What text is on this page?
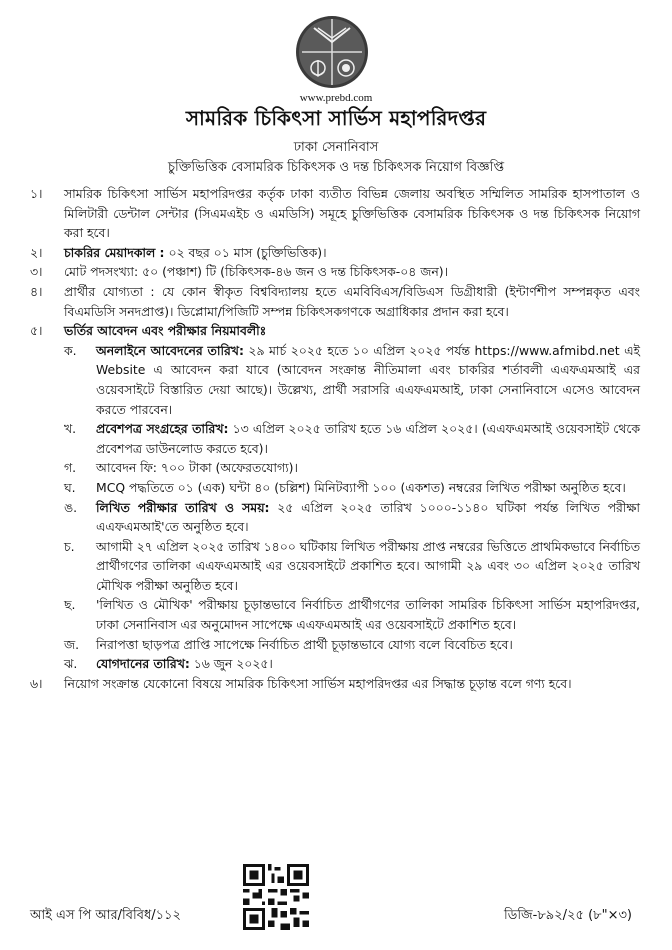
www.prebd.com
সামরিক চিকিৎসা সার্ভিস মহাপরিদপ্তর
ঢাকা সেনানিবাস
চুক্তিভিত্তিক বেসামরিক চিকিৎসক ও দন্ত চিকিৎসক নিয়োগ বিজ্ঞপ্তি
১।	সামরিক চিকিৎসা সার্ভিস মহাপরিদপ্তর কর্তৃক ঢাকা ব্যতীত বিভিন্ন জেলায় অবস্থিত সম্মিলিত সামরিক হাসপাতাল ও মিলিটারী ডেন্টাল সেন্টার (সিএমএইচ ও এমডিসি) সমূহে চুক্তিভিত্তিক বেসামরিক চিকিৎসক ও দন্ত চিকিৎসক নিয়োগ করা হবে।
২।	চাকরির মেয়াদকাল : ০২ বছর ০১ মাস (চুক্তিভিত্তিক)।
৩।	মোট পদসংখ্যা: ৫০ (পঞ্চাশ) টি (চিকিৎসক-৪৬ জন ও দন্ত চিকিৎসক-০৪ জন)।
৪।	প্রার্থীর যোগ্যতা : যে কোন স্বীকৃত বিশ্ববিদ্যালয় হতে এমবিবিএস/বিডিএস ডিগ্রীধারী (ইন্টার্ণশীপ সম্পন্নকৃত এবং বিএমডিসি সনদপ্রাপ্ত)। ডিপ্লোমা/পিজিটি সম্পন্ন চিকিৎসকগণকে অগ্রাধিকার প্রদান করা হবে।
৫।	ভর্তির আবেদন এবং পরীক্ষার নিয়মাবলীঃ
ক.	অনলাইনে আবেদনের তারিখ: ২৯ মার্চ ২০২৫ হতে ১০ এপ্রিল ২০২৫ পর্যন্ত https://www.afmibd.net এই Website এ আবেদন করা যাবে (আবেদন সংক্রান্ত নীতিমালা এবং চাকরির শর্তাবলী এএফএমআই এর ওয়েবসাইটে বিস্তারিত দেয়া আছে)। উল্লেখ্য, প্রার্থী সরাসরি এএফএমআই, ঢাকা সেনানিবাসে এসেও আবেদন করতে পারবেন।
খ.	প্রবেশপত্র সংগ্রহের তারিখ: ১৩ এপ্রিল ২০২৫ তারিখ হতে ১৬ এপ্রিল ২০২৫। (এএফএমআই ওয়েবসাইট থেকে প্রবেশপত্র ডাউনলোড করতে হবে)।
গ.	আবেদন ফি: ৭০০ টাকা (অফেরতযোগ্য)।
ঘ.	MCQ পদ্ধতিতে ০১ (এক) ঘন্টা ৪০ (চল্লিশ) মিনিটব্যাপী ১০০ (একশত) নম্বরের লিখিত পরীক্ষা অনুষ্ঠিত হবে।
ঙ.	লিখিত পরীক্ষার তারিখ ও সময়: ২৫ এপ্রিল ২০২৫ তারিখ ১০০০-১১৪০ ঘটিকা পর্যন্ত লিখিত পরীক্ষা এএফএমআই'তে অনুষ্ঠিত হবে।
চ.	আগামী ২৭ এপ্রিল ২০২৫ তারিখ ১৪০০ ঘটিকায় লিখিত পরীক্ষায় প্রাপ্ত নম্বরের ভিত্তিতে প্রাথমিকভাবে নির্বাচিত প্রার্থীগণের তালিকা এএফএমআই এর ওয়েবসাইটে প্রকাশিত হবে। আগামী ২৯ এবং ৩০ এপ্রিল ২০২৫ তারিখ মৌখিক পরীক্ষা অনুষ্ঠিত হবে।
ছ.	'লিখিত ও মৌখিক' পরীক্ষায় চূড়ান্তভাবে নির্বাচিত প্রার্থীগণের তালিকা সামরিক চিকিৎসা সার্ভিস মহাপরিদপ্তর, ঢাকা সেনানিবাস এর অনুমোদন সাপেক্ষে এএফএমআই এর ওয়েবসাইটে প্রকাশিত হবে।
জ.	নিরাপত্তা ছাড়পত্র প্রাপ্তি সাপেক্ষে নির্বাচিত প্রার্থী চূড়ান্তভাবে যোগ্য বলে বিবেচিত হবে।
ঝ.	যোগদানের তারিখ: ১৬ জুন ২০২৫।
৬।	নিয়োগ সংক্রান্ত যেকোনো বিষয়ে সামরিক চিকিৎসা সার্ভিস মহাপরিদপ্তর এর সিদ্ধান্ত চূড়ান্ত বলে গণ্য হবে।
আই এস পি আর/বিবিধ/১১২	ডিজি-৮৯২/২৫ (৮"×৩)
